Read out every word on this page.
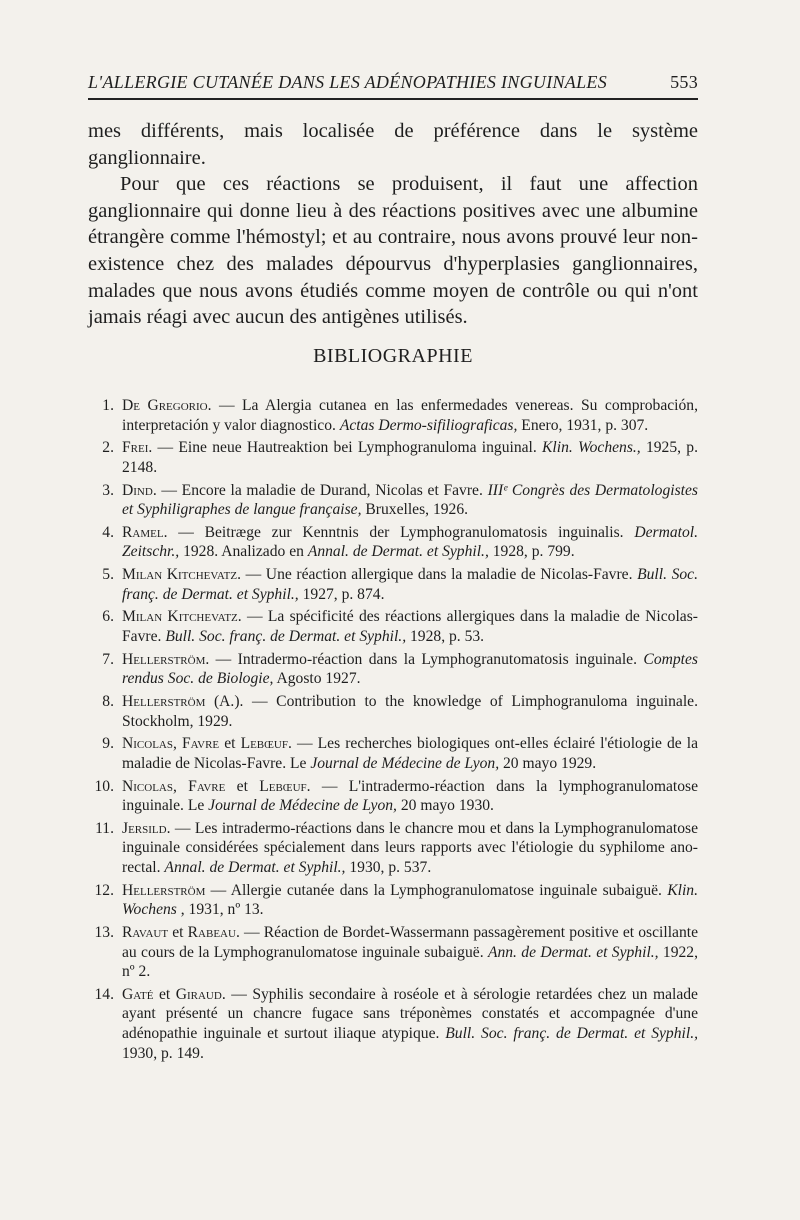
L'ALLERGIE CUTANÉE DANS LES ADÉNOPATHIES INGUINALES	553

mes différents, mais localisée de préférence dans le système ganglionnaire.

Pour que ces réactions se produisent, il faut une affection ganglionnaire qui donne lieu à des réactions positives avec une albumine étrangère comme l'hémostyl; et au contraire, nous avons prouvé leur non-existence chez des malades dépourvus d'hyperplasies ganglionnaires, malades que nous avons étudiés comme moyen de contrôle ou qui n'ont jamais réagi avec aucun des antigènes utilisés.

BIBLIOGRAPHIE
1. De Gregorio. — La Alergia cutanea en las enfermedades venereas. Su comprobación, interpretación y valor diagnostico. Actas Dermo-sifiliograficas, Enero, 1931, p. 307.
2. Frei. — Eine neue Hautreaktion bei Lymphogranuloma inguinal. Klin. Wochens., 1925, p. 2148.
3. Dind. — Encore la maladie de Durand, Nicolas et Favre. IIIᵉ Congrès des Dermatologistes et Syphiligraphes de langue française, Bruxelles, 1926.
4. Ramel. — Beitræge zur Kenntnis der Lymphogranulomatosis inguinalis. Dermatol. Zeitschr., 1928. Analizado en Annal. de Dermat. et Syphil., 1928, p. 799.
5. Milan Kitchevatz. — Une réaction allergique dans la maladie de Nicolas-Favre. Bull. Soc. franç. de Dermat. et Syphil., 1927, p. 874.
6. Milan Kitchevatz. — La spécificité des réactions allergiques dans la maladie de Nicolas-Favre. Bull. Soc. franç. de Dermat. et Syphil., 1928, p. 53.
7. Hellerström. — Intradermo-réaction dans la Lymphogranutomatosis inguinale. Comptes rendus Soc. de Biologie, Agosto 1927.
8. Hellerström (A.). — Contribution to the knowledge of Limphogranuloma inguinale. Stockholm, 1929.
9. Nicolas, Favre et Lebœuf. — Les recherches biologiques ont-elles éclairé l'étiologie de la maladie de Nicolas-Favre. Le Journal de Médecine de Lyon, 20 mayo 1929.
10. Nicolas, Favre et Lebœuf. — L'intradermo-réaction dans la lymphogranulomatose inguinale. Le Journal de Médecine de Lyon, 20 mayo 1930.
11. Jersild. — Les intradermo-réactions dans le chancre mou et dans la Lymphogranulomatose inguinale considérées spécialement dans leurs rapports avec l'étiologie du syphilome ano-rectal. Annal. de Dermat. et Syphil., 1930, p. 537.
12. Hellerström — Allergie cutanée dans la Lymphogranulomatose inguinale subaiguë. Klin. Wochens , 1931, nº 13.
13. Ravaut et Rabeau. — Réaction de Bordet-Wassermann passagèrement positive et oscillante au cours de la Lymphogranulomatose inguinale subaiguë. Ann. de Dermat. et Syphil., 1922, nº 2.
14. Gaté et Giraud. — Syphilis secondaire à roséole et à sérologie retardées chez un malade ayant présenté un chancre fugace sans tréponèmes constatés et accompagnée d'une adénopathie inguinale et surtout iliaque atypique. Bull. Soc. franç. de Dermat. et Syphil., 1930, p. 149.
